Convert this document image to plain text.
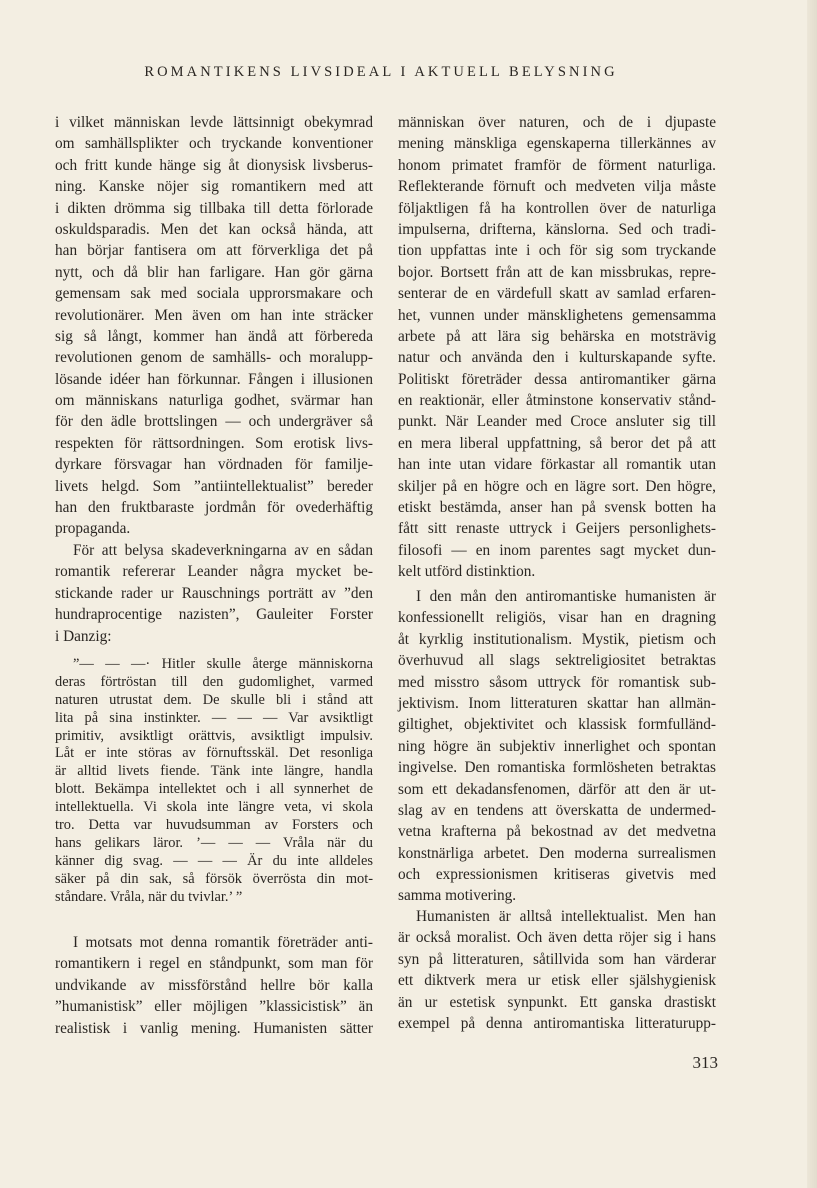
ROMANTIKENS LIVSIDEAL I AKTUELL BELYSNING
i vilket människan levde lättsinnigt obekymrad
om samhällsplikter och tryckande konventioner
och fritt kunde hänge sig åt dionysisk livsberus-
ning. Kanske nöjer sig romantikern med att
i dikten drömma sig tillbaka till detta förlorade
oskuldsparadis. Men det kan också hända, att
han börjar fantisera om att förverkliga det på
nytt, och då blir han farligare. Han gör gärna
gemensam sak med sociala upprorsmakare och
revolutionärer. Men även om han inte sträcker
sig så långt, kommer han ändå att förbereda
revolutionen genom de samhälls- och moralupp-
lösande idéer han förkunnar. Fången i illusionen
om människans naturliga godhet, svärmar han
för den ädle brottslingen — och undergräver så
respekten för rättsordningen. Som erotisk livs-
dyrkare försvagar han vördnaden för familje-
livets helgd. Som ”antiintellektualist” bereder
han den fruktbaraste jordmån för ovederhäftig
propaganda.
För att belysa skadeverkningarna av en sådan
romantik refererar Leander några mycket be-
stickande rader ur Rauschnings porträtt av ”den
hundraprocentige nazisten”, Gauleiter Forster
i Danzig:
”— — —· Hitler skulle återge människorna
deras förtröstan till den gudomlighet, varmed
naturen utrustat dem. De skulle bli i stånd att
lita på sina instinkter. — — — Var avsiktligt
primitiv, avsiktligt orättvis, avsiktligt impulsiv.
Låt er inte störas av förnuftsskäl. Det resonliga
är alltid livets fiende. Tänk inte längre, handla
blott. Bekämpa intellektet och i all synnerhet de
intellektuella. Vi skola inte längre veta, vi skola
tro. Detta var huvudsumman av Forsters och
hans gelikars läror. ’— — — Vråla när du
känner dig svag. — — — Är du inte alldeles
säker på din sak, så försök överrösta din mot-
ståndare. Vråla, när du tvivlar.’ ”
I motsats mot denna romantik företräder anti-
romantikern i regel en ståndpunkt, som man för
undvikande av missförstånd hellre bör kalla
”humanistisk” eller möjligen ”klassicistisk” än
realistisk i vanlig mening. Humanisten sätter
människan över naturen, och de i djupaste
mening mänskliga egenskaperna tillerkännes av
honom primatet framför de förment naturliga.
Reflekterande förnuft och medveten vilja måste
följaktligen få ha kontrollen över de naturliga
impulserna, drifterna, känslorna. Sed och tradi-
tion uppfattas inte i och för sig som tryckande
bojor. Bortsett från att de kan missbrukas, repre-
senterar de en värdefull skatt av samlad erfaren-
het, vunnen under mänsklighetens gemensamma
arbete på att lära sig behärska en motsträvig
natur och använda den i kulturskapande syfte.
Politiskt företräder dessa antiromantiker gärna
en reaktionär, eller åtminstone konservativ stånd-
punkt. När Leander med Croce ansluter sig till
en mera liberal uppfattning, så beror det på att
han inte utan vidare förkastar all romantik utan
skiljer på en högre och en lägre sort. Den högre,
etiskt bestämda, anser han på svensk botten ha
fått sitt renaste uttryck i Geijers personlighets-
filosofi — en inom parentes sagt mycket dun-
kelt utförd distinktion.
I den mån den antiromantiske humanisten är
konfessionellt religiös, visar han en dragning
åt kyrklig institutionalism. Mystik, pietism och
överhuvud all slags sektreligiositet betraktas
med misstro såsom uttryck för romantisk sub-
jektivism. Inom litteraturen skattar han allmän-
giltighet, objektivitet och klassisk formfulländ-
ning högre än subjektiv innerlighet och spontan
ingivelse. Den romantiska formlösheten betraktas
som ett dekadansfenomen, därför att den är ut-
slag av en tendens att överskatta de undermed-
vetna krafterna på bekostnad av det medvetna
konstnärliga arbetet. Den moderna surrealismen
och expressionismen kritiseras givetvis med
samma motivering.
Humanisten är alltså intellektualist. Men han
är också moralist. Och även detta röjer sig i hans
syn på litteraturen, såtillvida som han värderar
ett diktverk mera ur etisk eller själshygienisk
än ur estetisk synpunkt. Ett ganska drastiskt
exempel på denna antiromantiska litteraturupp-
313
